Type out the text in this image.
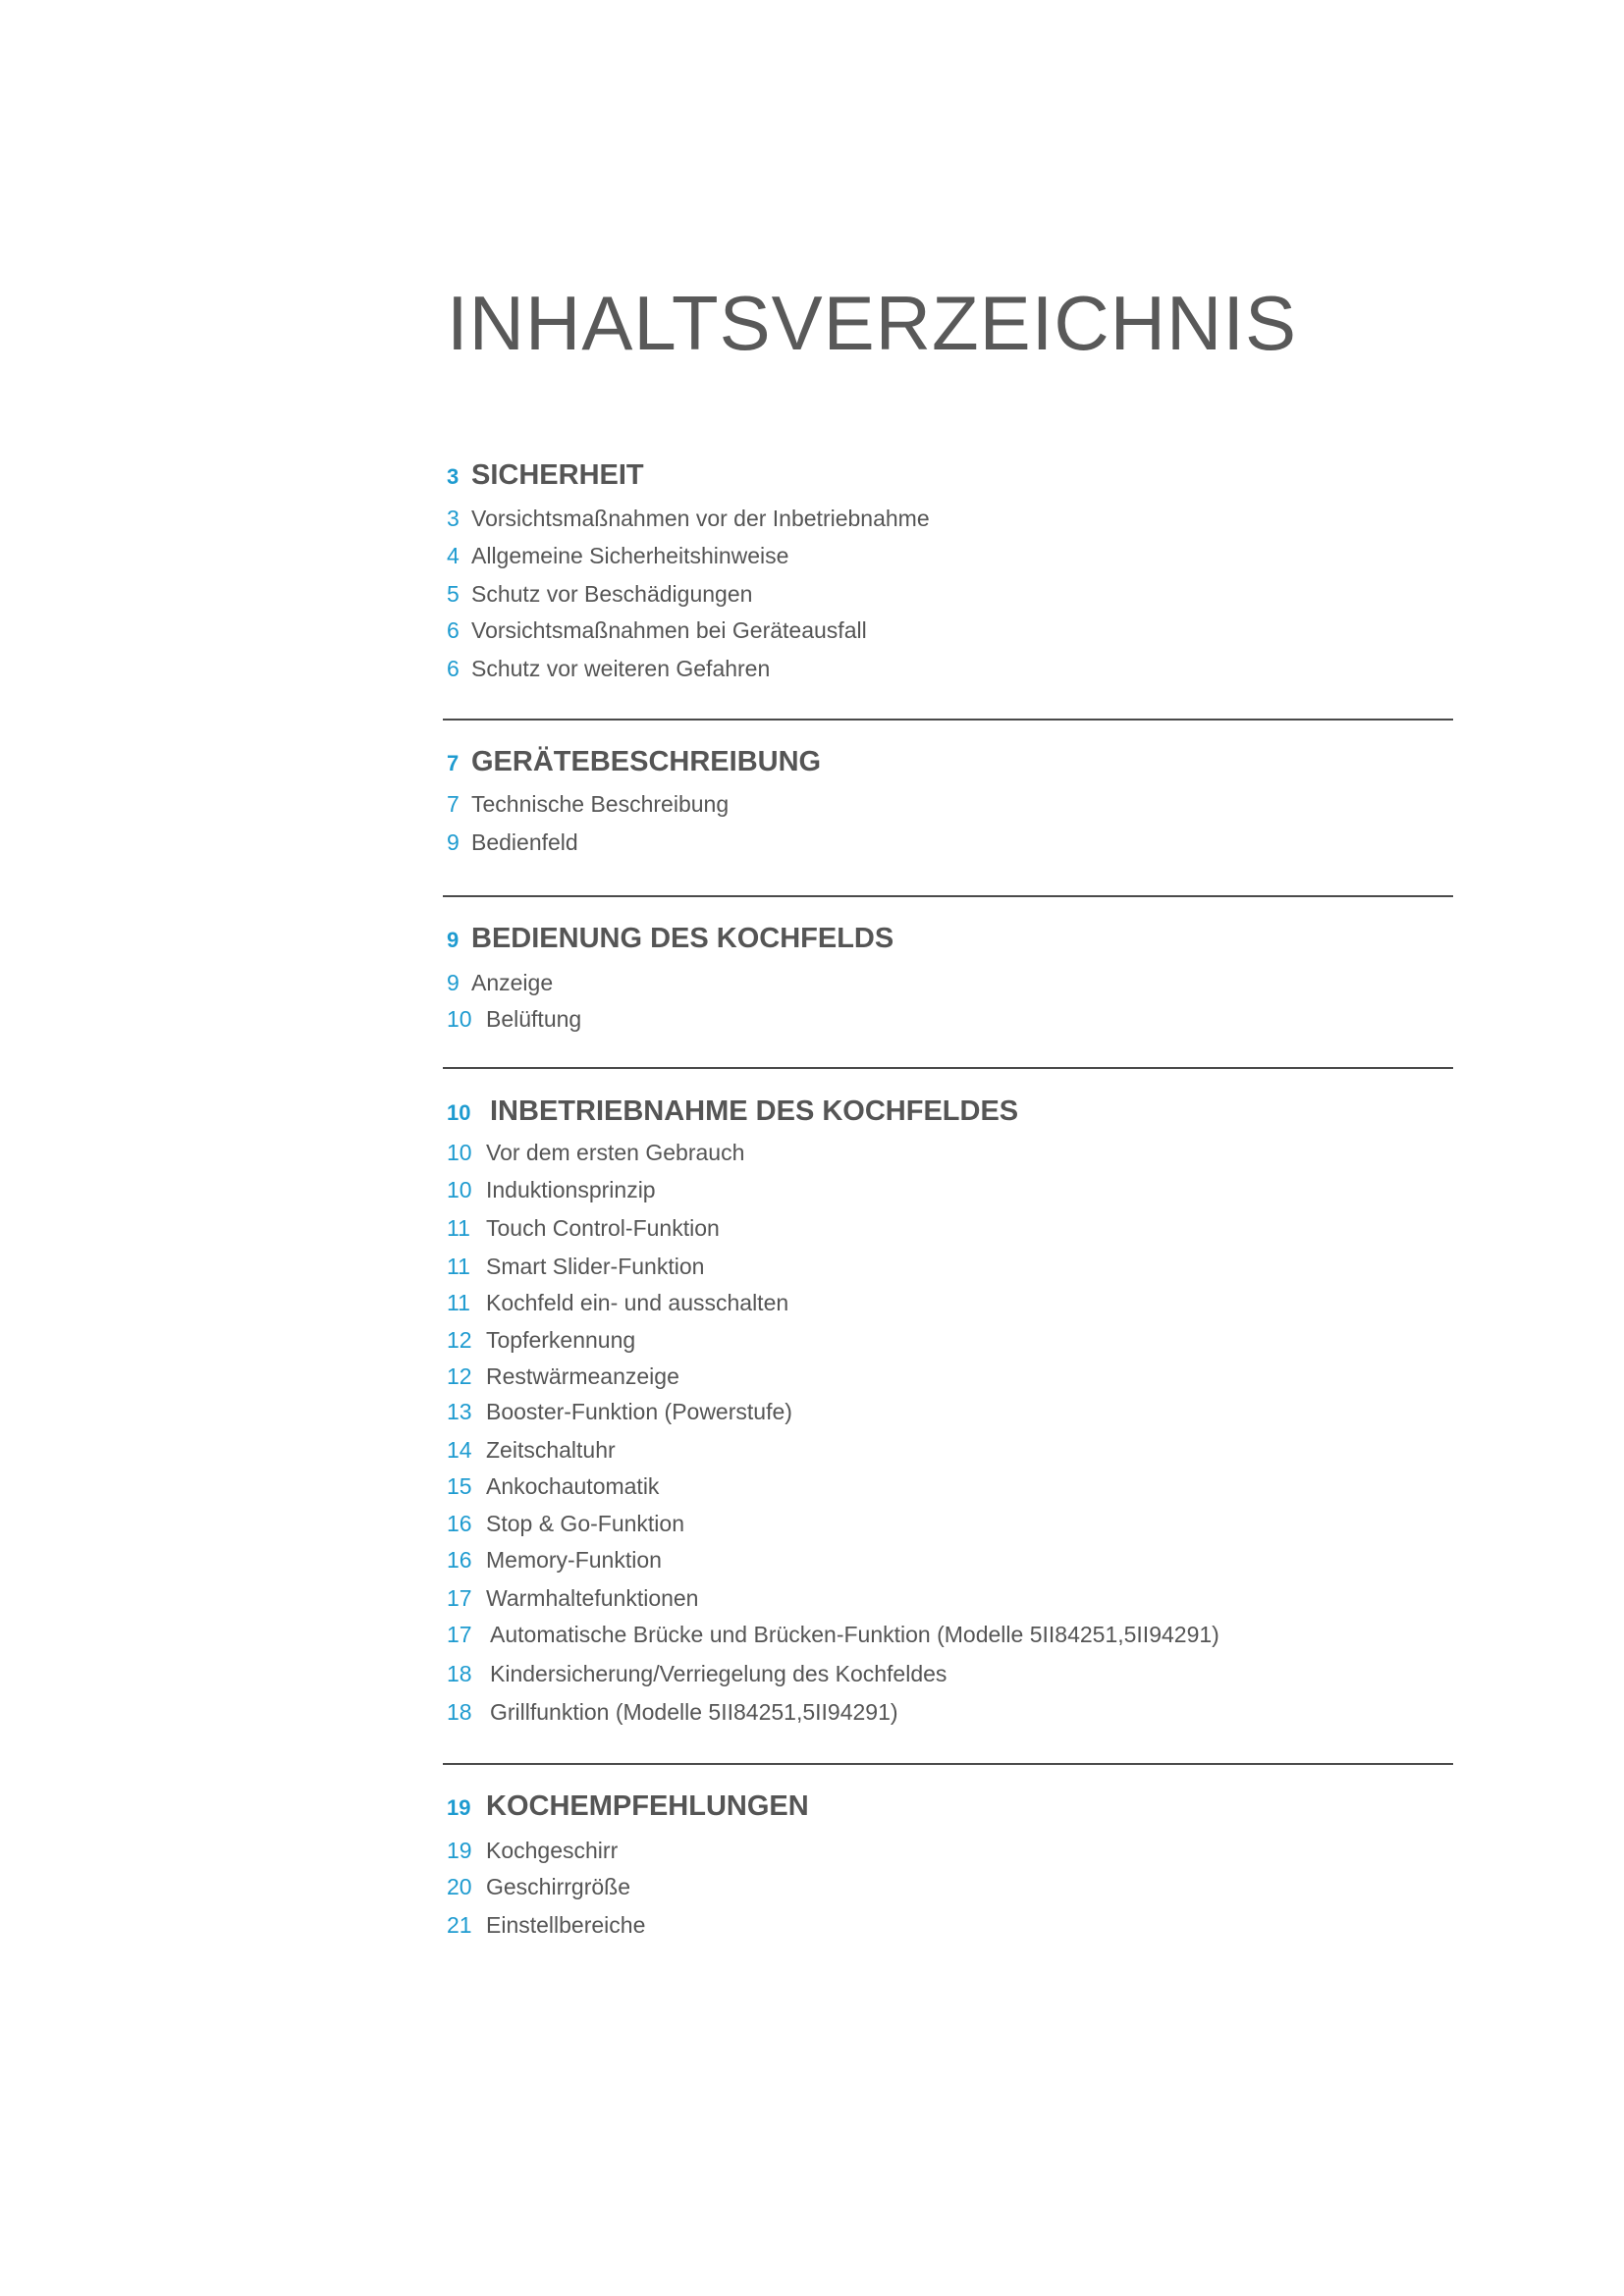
INHALTSVERZEICHNIS
3 SICHERHEIT
3 Vorsichtsmaßnahmen vor der Inbetriebnahme
4 Allgemeine Sicherheitshinweise
5 Schutz vor Beschädigungen
6 Vorsichtsmaßnahmen bei Geräteausfall
6 Schutz vor weiteren Gefahren
7 GERÄTEBESCHREIBUNG
7 Technische Beschreibung
9 Bedienfeld
9 BEDIENUNG DES KOCHFELDS
9 Anzeige
10 Belüftung
10 INBETRIEBNAHME DES KOCHFELDES
10 Vor dem ersten Gebrauch
10 Induktionsprinzip
11 Touch Control-Funktion
11 Smart Slider-Funktion
11 Kochfeld ein- und ausschalten
12 Topferkennung
12 Restwärmeanzeige
13 Booster-Funktion (Powerstufe)
14 Zeitschaltuhr
15 Ankochautomatik
16 Stop & Go-Funktion
16 Memory-Funktion
17 Warmhaltefunktionen
17 Automatische Brücke und Brücken-Funktion (Modelle 5II84251,5II94291)
18 Kindersicherung/Verriegelung des Kochfeldes
18 Grillfunktion (Modelle 5II84251,5II94291)
19 KOCHEMPFEHLUNGEN
19 Kochgeschirr
20 Geschirrgröße
21 Einstellbereiche
